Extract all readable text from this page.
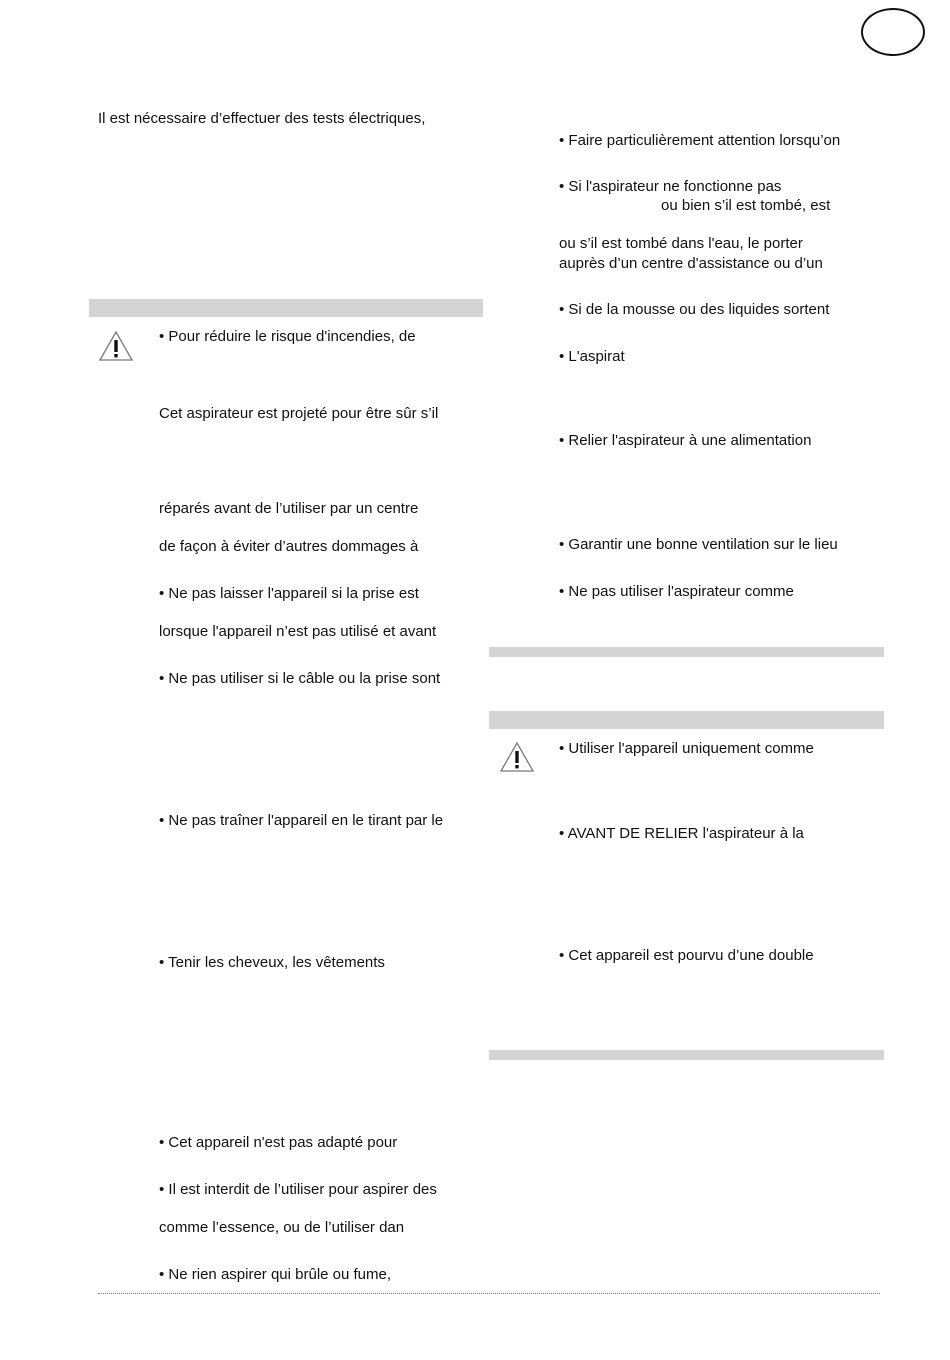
Il est nécessaire d’effectuer des tests électriques,
• Pour réduire le risque d'incendies, de
Cet aspirateur est projeté pour être sûr s’il
réparés avant de l’utiliser par un centre
de façon à éviter d’autres dommages à
• Ne pas laisser l'appareil si la prise est
lorsque l'appareil n’est pas utilisé et avant
• Ne pas utiliser si le câble ou la prise sont
• Ne pas traîner l'appareil en le tirant par le
• Tenir les cheveux, les vêtements
• Cet appareil n'est pas adapté pour
• Il est interdit de l’utiliser pour aspirer des
comme l’essence, ou de l’utiliser dan
• Ne rien aspirer qui brûle ou fume,
• Faire particulièrement attention lorsqu’on
• Si l'aspirateur ne fonctionne pas
ou bien s’il est tombé, est
ou s’il est tombé dans l'eau, le porter
auprès d’un centre d'assistance ou d’un
• Si de la mousse ou des liquides sortent
• L'aspirat
• Relier l'aspirateur à une alimentation
• Garantir une bonne ventilation sur le lieu
• Ne pas utiliser l'aspirateur comme
• Utiliser l'appareil uniquement comme
• AVANT DE RELIER l'aspirateur à la
• Cet appareil est pourvu d’une double
